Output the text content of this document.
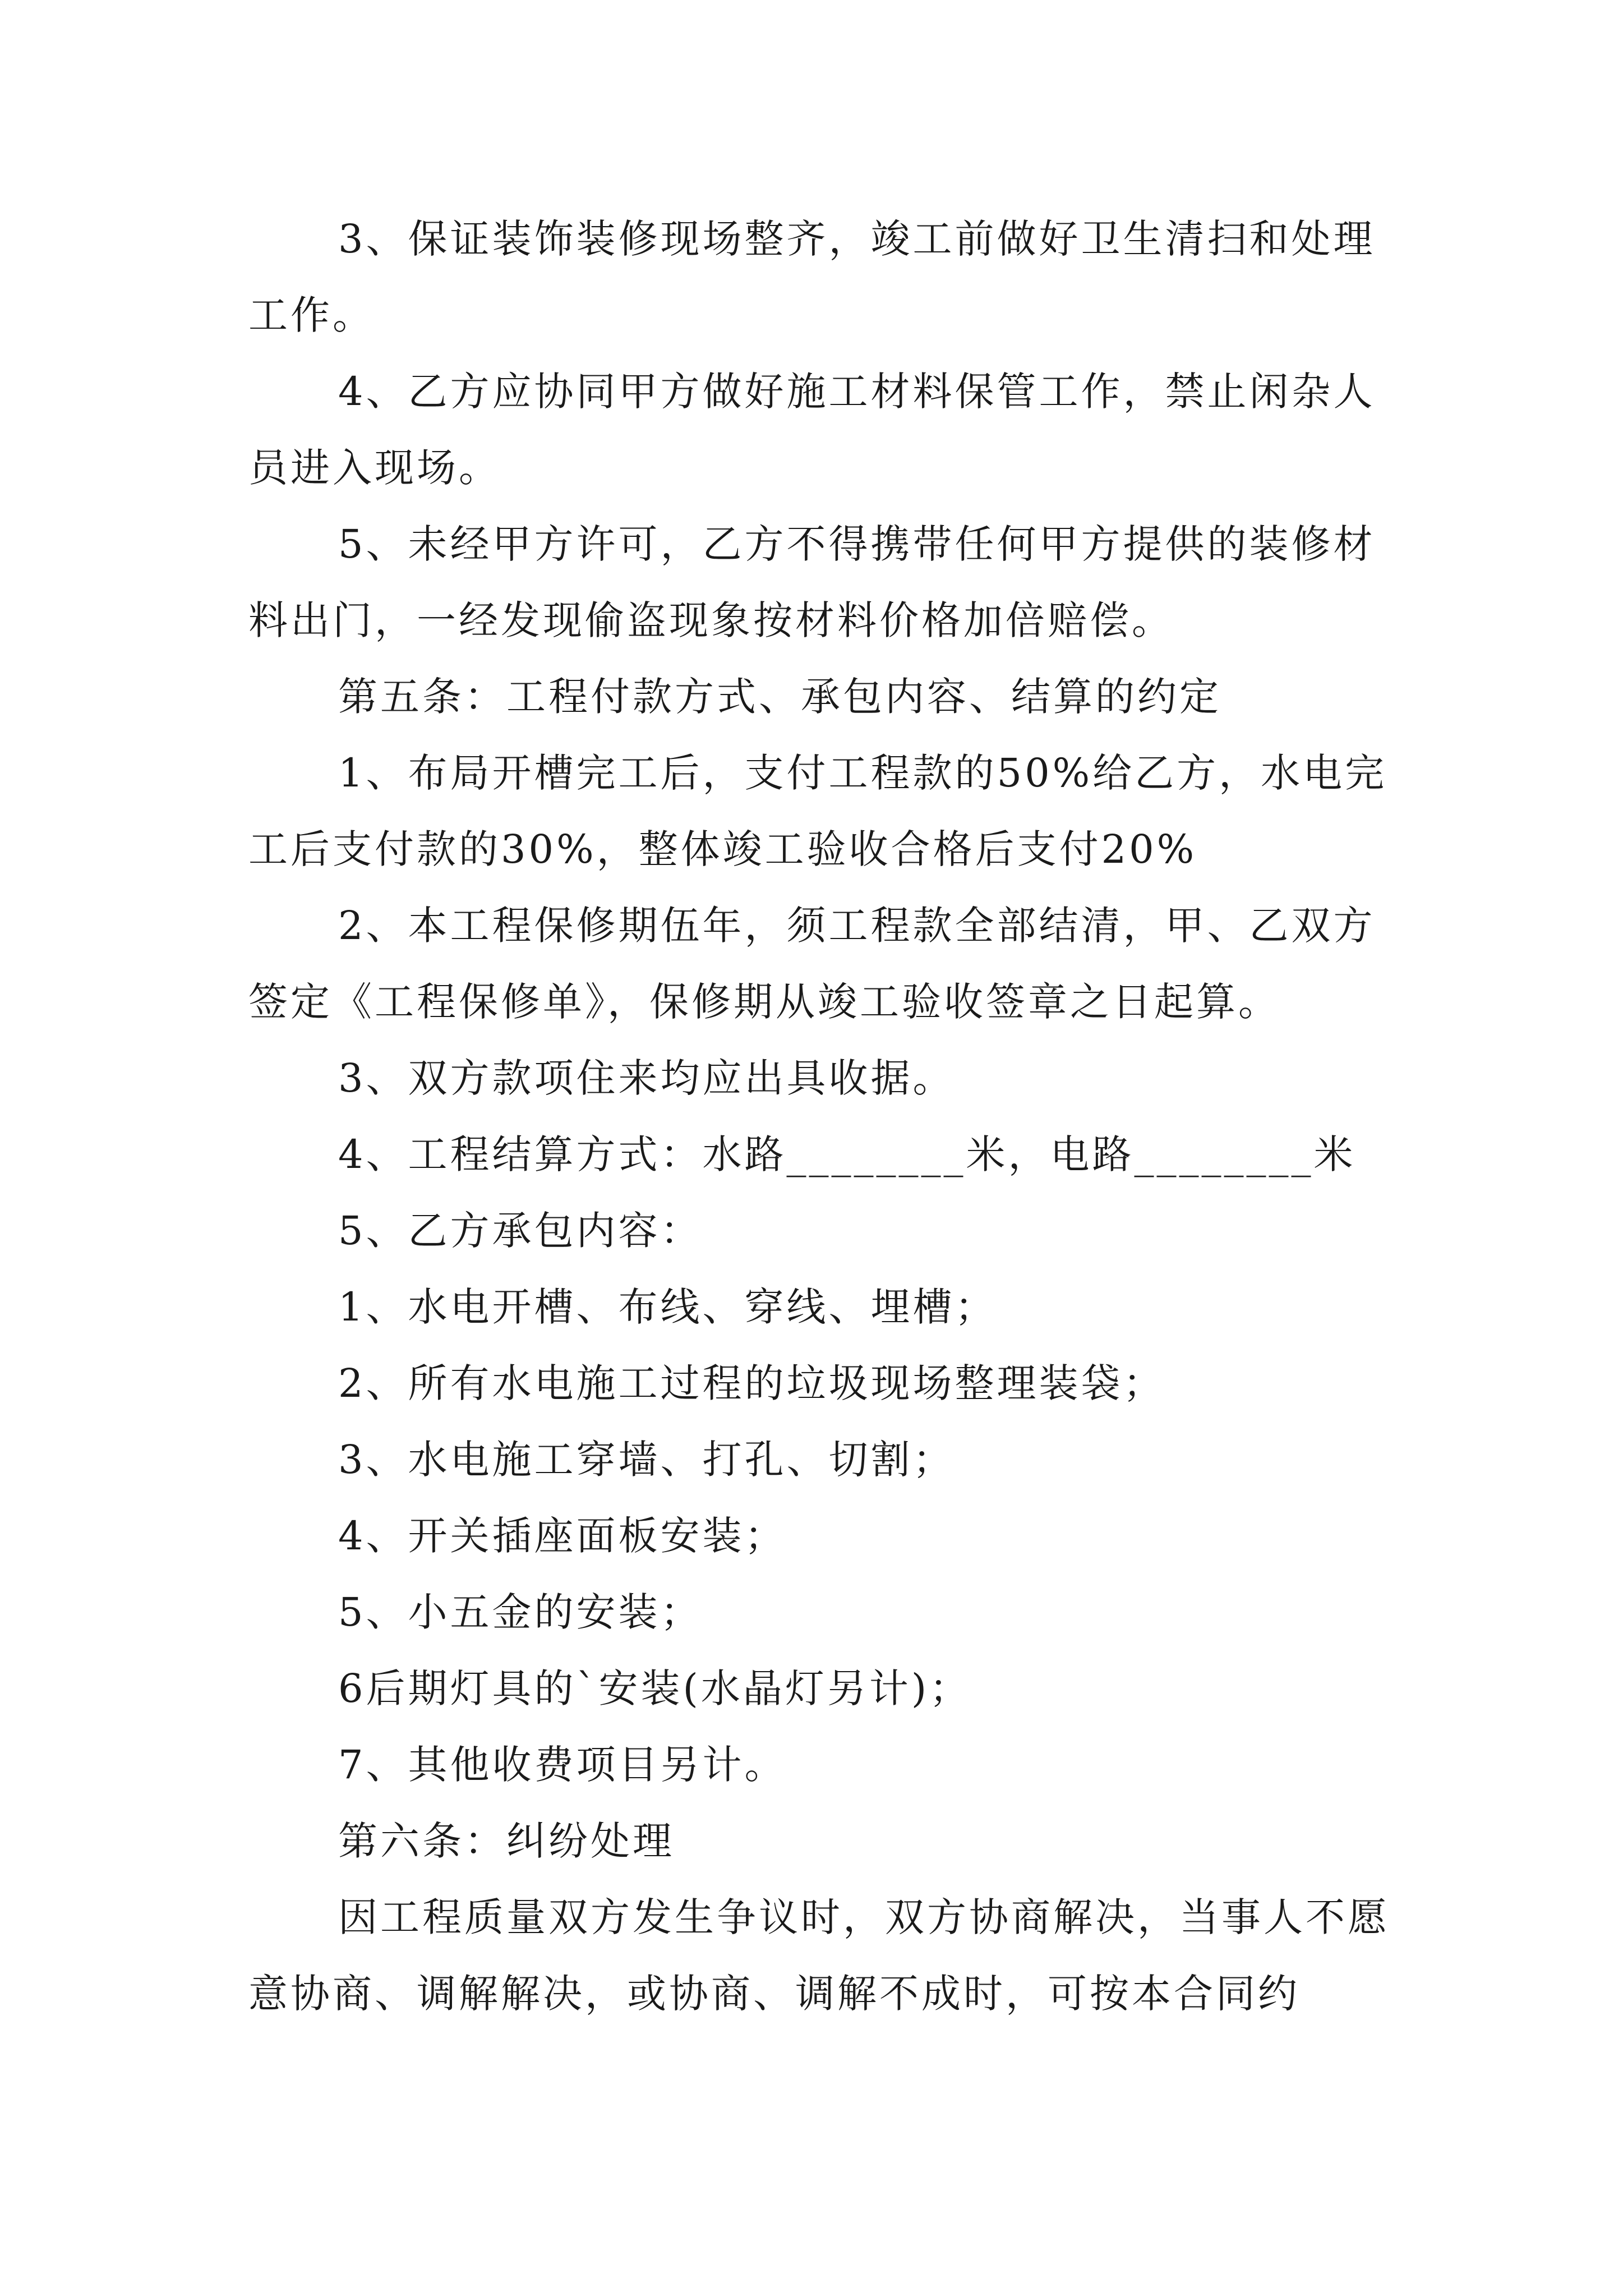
3、保证装饰装修现场整齐，竣工前做好卫生清扫和处理工作。

4、乙方应协同甲方做好施工材料保管工作，禁止闲杂人员进入现场。

5、未经甲方许可，乙方不得携带任何甲方提供的装修材料出门，一经发现偷盗现象按材料价格加倍赔偿。

第五条：工程付款方式、承包内容、结算的约定

1、布局开槽完工后，支付工程款的50%给乙方，水电完工后支付款的30%，整体竣工验收合格后支付20%

2、本工程保修期伍年，须工程款全部结清，甲、乙双方签定《工程保修单》，保修期从竣工验收签章之日起算。

3、双方款项住来均应出具收据。

4、工程结算方式：水路________米，电路________米

5、乙方承包内容：

1、水电开槽、布线、穿线、埋槽；

2、所有水电施工过程的垃圾现场整理装袋；

3、水电施工穿墙、打孔、切割；

4、开关插座面板安装；

5、小五金的安装；

6后期灯具的`安装(水晶灯另计)；

7、其他收费项目另计。

第六条：纠纷处理

因工程质量双方发生争议时，双方协商解决，当事人不愿意协商、调解解决，或协商、调解不成时，可按本合同约
